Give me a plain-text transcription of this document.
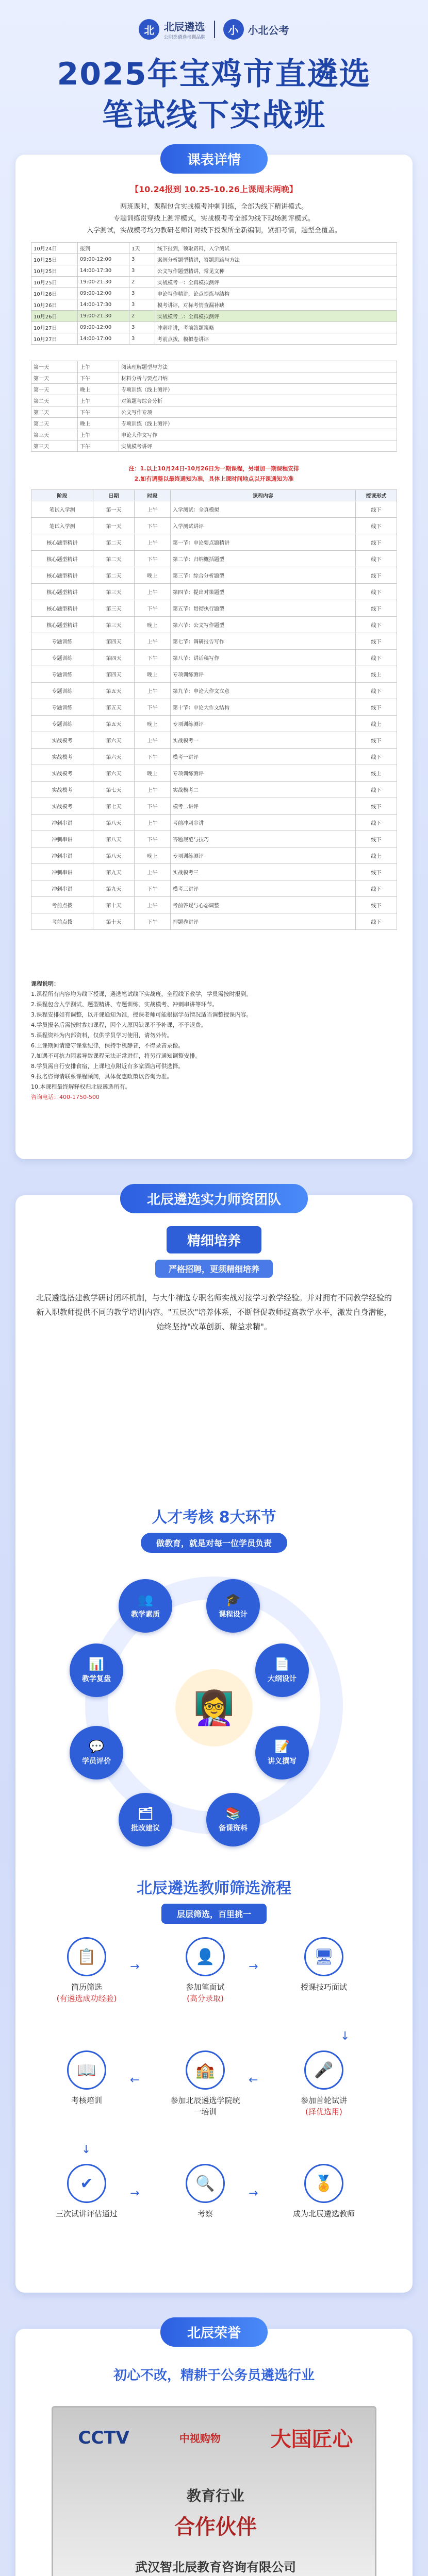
北 北辰遴选
公职类遴选培训品牌
小 小北公考
2025年宝鸡市直遴选
笔试线下实战班
课表详情
【10.24报到 10.25-10.26上课周末两晚】
两班课时，课程包含实战模考冲刺训练，全部为线下精讲模式。
专题训练贯穿线上测评模式，实战模考考全部为线下现场测评模式。
入学测试，实战模考均为教研老师针对线下授课所全新编制，紧扣考情，题型全覆盖。
10月24日	报到	1天	线下报到，领取资料，入学测试
10月25日	09:00-12:00	3	案例分析题型精讲，答题思路与方法
10月25日	14:00-17:30	3	公文写作题型精讲，常见文种
10月25日	19:00-21:30	2	实战模考一：全真模拟测评
10月26日	09:00-12:00	3	申论写作精讲，论点提炼与结构
10月26日	14:00-17:30	3	模考讲评，对标考情查漏补缺
10月26日	19:00-21:30	2	实战模考二：全真模拟测评
10月27日	09:00-12:00	3	冲刺串讲，考前答题策略
10月27日	14:00-17:00	3	考前点拨，模拟卷讲评
第一天	上午	阅读理解题型与方法
第一天	下午	材料分析与要点归纳
第一天	晚上	专项训练（线上测评）
第二天	上午	对策题与综合分析
第二天	下午	公文写作专项
第二天	晚上	专项训练（线上测评）
第三天	上午	申论大作文写作
第三天	下午	实战模考讲评
注：1.以上10月24日-10月26日为一期课程，另增加一期课程安排
2.如有调整以最终通知为准，具体上课时间地点以开课通知为准
阶段	日期	时段	课程内容	授课形式
笔试入学测	第一天	上午	入学测试：全真模拟	线下
笔试入学测	第一天	下午	入学测试讲评	线下
核心题型精讲	第二天	上午	第一节：申论要点题精讲	线下
核心题型精讲	第二天	下午	第二节：归纳概括题型	线下
核心题型精讲	第二天	晚上	第三节：综合分析题型	线下
核心题型精讲	第三天	上午	第四节：提出对策题型	线下
核心题型精讲	第三天	下午	第五节：贯彻执行题型	线下
核心题型精讲	第三天	晚上	第六节：公文写作题型	线下
专题训练	第四天	上午	第七节：调研报告写作	线下
专题训练	第四天	下午	第八节：讲话稿写作	线下
专题训练	第四天	晚上	专项训练测评	线上
专题训练	第五天	上午	第九节：申论大作文立意	线下
专题训练	第五天	下午	第十节：申论大作文结构	线下
专题训练	第五天	晚上	专项训练测评	线上
实战模考	第六天	上午	实战模考一	线下
实战模考	第六天	下午	模考一讲评	线下
实战模考	第六天	晚上	专项训练测评	线上
实战模考	第七天	上午	实战模考二	线下
实战模考	第七天	下午	模考二讲评	线下
冲刺串讲	第八天	上午	考前冲刺串讲	线下
冲刺串讲	第八天	下午	答题规范与技巧	线下
冲刺串讲	第八天	晚上	专项训练测评	线上
冲刺串讲	第九天	上午	实战模考三	线下
冲刺串讲	第九天	下午	模考三讲评	线下
考前点拨	第十天	上午	考前答疑与心态调整	线下
考前点拨	第十天	下午	押题卷讲评	线下
课程说明：
1.课程所有内容均为线下授课，遴选笔试线下实战班，全程线下教学，学员需按时报到。
2.课程包含入学测试、题型精讲、专题训练、实战模考、冲刺串讲等环节。
3.课程安排如有调整，以开课通知为准，授课老师可能根据学员情况适当调整授课内容。
4.学员报名后需按时参加课程，因个人原因缺课不予补课，不予退费。
5.课程资料为内部资料，仅供学员学习使用，请勿外传。
6.上课期间请遵守课堂纪律，保持手机静音，不得录音录像。
7.如遇不可抗力因素导致课程无法正常进行，将另行通知调整安排。
8.学员需自行安排食宿，上课地点附近有多家酒店可供选择。
9.报名咨询请联系课程顾问，具体优惠政策以咨询为准。
10.本课程最终解释权归北辰遴选所有。
咨询电话：400-1750-500
北辰遴选实力师资团队
精细培养
严格招聘，更须精细培养
北辰遴选搭建教学研讨闭环机制，与大牛精选专职名师实战对接学习教学经验。并对拥有不同教学经验的新入职教师提供不同的教学培训内容。"五层次"培养体系，不断督促教师提高教学水平，激发自身潜能，始终坚持"改革创新、精益求精"。
人才考核 8大环节
做教育，就是对每一位学员负责
👩‍🏫
👥
教学素质
🎓
课程设计
📄
大纲设计
📝
讲义撰写
📚
备课资料
🗂
批改建议
💬
学员评价
📊
教学复盘
北辰遴选教师筛选流程
层层筛选，百里挑一
📋
简历筛选
(有遴选成功经验)
👤
参加笔面试
(高分录取)
🖥
授课技巧面试
📖
考核培训
🏫
参加北辰遴选学院统一培训
🎤
参加首轮试讲
(择优选用)
✔
三次试讲评估通过
🔍
考察
🏅
成为北辰遴选教师
→	→
↓
←
←
↓
→	→
北辰荣誉
初心不改，精耕于公务员遴选行业
CCTV	中视购物 大国匠心
教育行业
合作伙伴
武汉智北辰教育咨询有限公司
